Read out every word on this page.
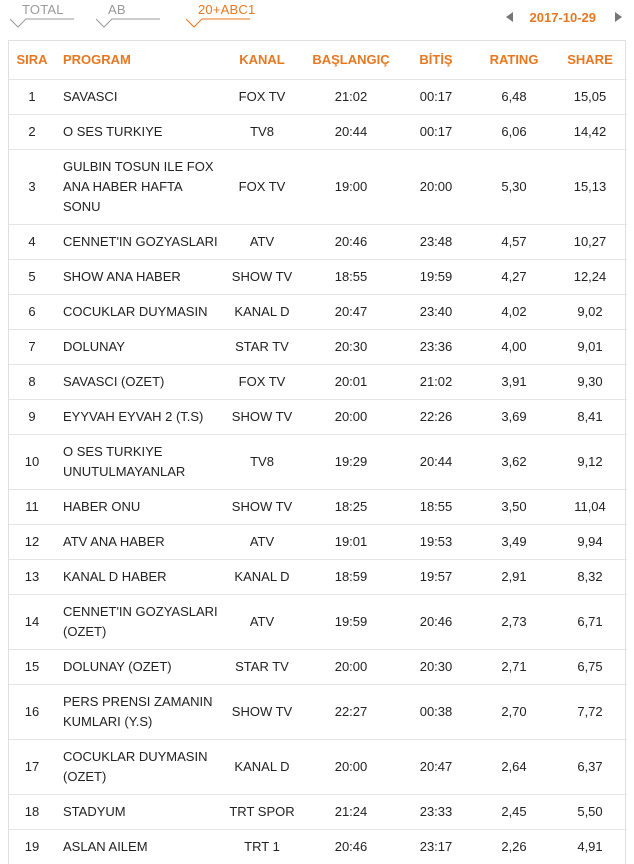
TOTAL	AB	20+ABC1	2017-10-29
SIRA	PROGRAM	KANAL	BAŞLANGIÇ	BİTİŞ	RATING	SHARE
1	SAVASCI	FOX TV	21:02	00:17	6,48	15,05
2	O SES TURKIYE	TV8	20:44	00:17	6,06	14,42
3	GULBIN TOSUN ILE FOX ANA HABER HAFTA SONU	FOX TV	19:00	20:00	5,30	15,13
4	CENNET'IN GOZYASLARI	ATV	20:46	23:48	4,57	10,27
5	SHOW ANA HABER	SHOW TV	18:55	19:59	4,27	12,24
6	COCUKLAR DUYMASIN	KANAL D	20:47	23:40	4,02	9,02
7	DOLUNAY	STAR TV	20:30	23:36	4,00	9,01
8	SAVASCI (OZET)	FOX TV	20:01	21:02	3,91	9,30
9	EYYVAH EYVAH 2 (T.S)	SHOW TV	20:00	22:26	3,69	8,41
10	O SES TURKIYE UNUTULMAYANLAR	TV8	19:29	20:44	3,62	9,12
11	HABER ONU	SHOW TV	18:25	18:55	3,50	11,04
12	ATV ANA HABER	ATV	19:01	19:53	3,49	9,94
13	KANAL D HABER	KANAL D	18:59	19:57	2,91	8,32
14	CENNET'IN GOZYASLARI (OZET)	ATV	19:59	20:46	2,73	6,71
15	DOLUNAY (OZET)	STAR TV	20:00	20:30	2,71	6,75
16	PERS PRENSI ZAMANIN KUMLARI (Y.S)	SHOW TV	22:27	00:38	2,70	7,72
17	COCUKLAR DUYMASIN (OZET)	KANAL D	20:00	20:47	2,64	6,37
18	STADYUM	TRT SPOR	21:24	23:33	2,45	5,50
19	ASLAN AILEM	TRT 1	20:46	23:17	2,26	4,91
